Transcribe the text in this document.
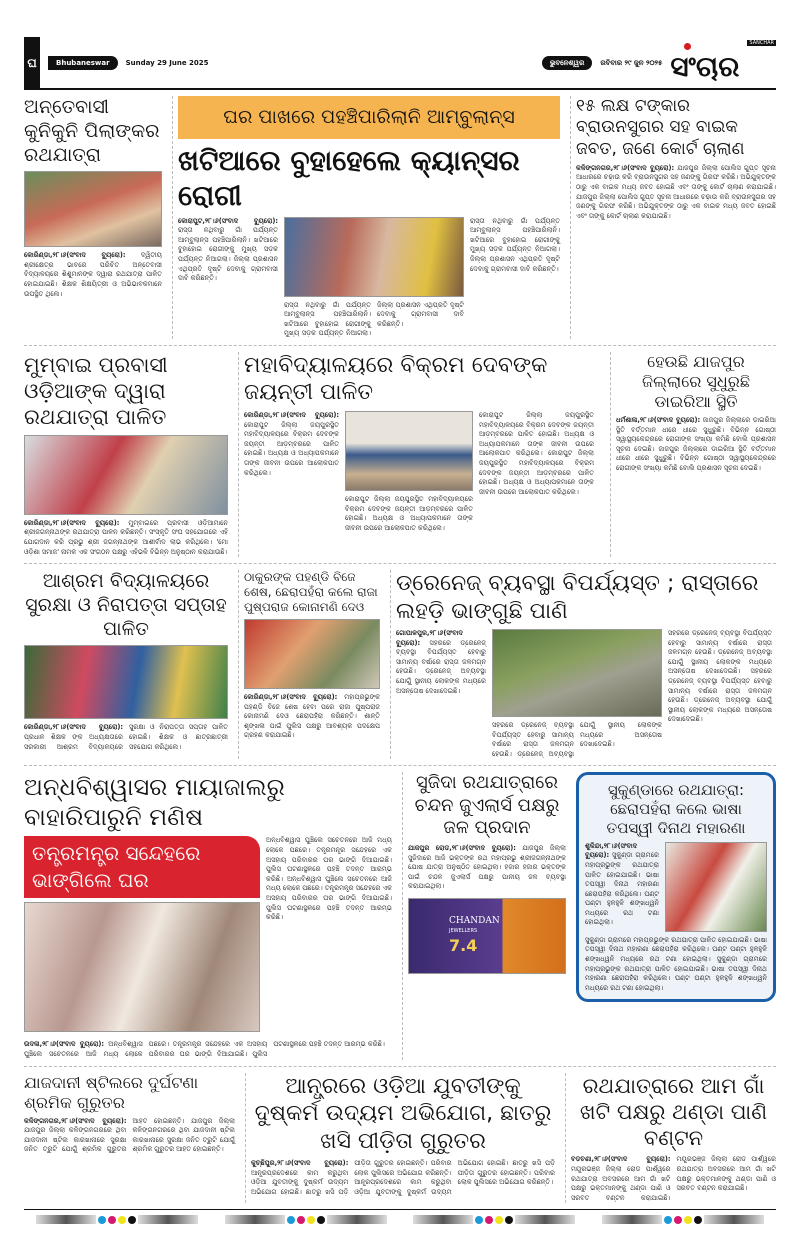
ଘ	Bhubaneswar	Sunday 29 June 2025	ଭୁବନେଶ୍ୱର	ରବିବାର ୨୯ ଜୁନ ୨୦୨୫ ସଂଚାର
SANCHAR
ଅନ୍ତେବାସୀ କୁନିକୁନି ପିଲାଙ୍କର ରଥଯାତ୍ରା
କୋରିଣ୍ଡା,୨୮।୬(ସଂବାଦ ବ୍ୟୁରୋ): ଦ୍ୱିତୀୟ ଶ୍ରୀକ୍ଷେତ୍ର ଭାବରେ ପରିଚିତ ଅନ୍ତେବାସୀ ବିଦ୍ୟାଳୟରେ ଶିଶୁମାନଙ୍କ ଦ୍ୱାରା ରଥଯାତ୍ରା ପାଳିତ ହୋଇଯାଇଛି। ଶିକ୍ଷକ ଶିକ୍ଷୟିତ୍ରୀ ଓ ଅଭିଭାବକମାନେ ଉପସ୍ଥିତ ଥିଲେ।
ଘର ପାଖରେ ପହଞ୍ଚିପାରିଲାନି ଆମ୍ବୁଲାନ୍ସ
ଖଟିଆରେ ବୁହାହେଲେ କ୍ୟାନ୍ସର ରୋଗୀ
କୋରାପୁଟ,୨୮।୬(ସଂବାଦ ବ୍ୟୁରୋ): ରାସ୍ତା ନଥିବାରୁ ଗାଁ ପର୍ଯ୍ୟନ୍ତ ଆମ୍ବୁଲାନ୍ସ ପହଞ୍ଚିପାରିଲାନି। ଖଟିଆରେ ବୁହାହୋଇ ରୋଗୀଙ୍କୁ ମୁଖ୍ୟ ସଡ଼କ ପର୍ଯ୍ୟନ୍ତ ନିଆଗଲା। ଜିଲ୍ଲା ପ୍ରଶାସନ ଏଥିପ୍ରତି ଦୃଷ୍ଟି ଦେବାକୁ ଗ୍ରାମବାସୀ ଦାବି କରିଛନ୍ତି।
ରାସ୍ତା ନଥିବାରୁ ଗାଁ ପର୍ଯ୍ୟନ୍ତ ଆମ୍ବୁଲାନ୍ସ ପହଞ୍ଚିପାରିଲାନି। ଖଟିଆରେ ବୁହାହୋଇ ରୋଗୀଙ୍କୁ ମୁଖ୍ୟ ସଡ଼କ ପର୍ଯ୍ୟନ୍ତ ନିଆଗଲା। ଜିଲ୍ଲା ପ୍ରଶାସନ ଏଥିପ୍ରତି ଦୃଷ୍ଟି ଦେବାକୁ ଗ୍ରାମବାସୀ ଦାବି କରିଛନ୍ତି।
ରାସ୍ତା ନଥିବାରୁ ଗାଁ ପର୍ଯ୍ୟନ୍ତ ଆମ୍ବୁଲାନ୍ସ ପହଞ୍ଚିପାରିଲାନି। ଖଟିଆରେ ବୁହାହୋଇ ରୋଗୀଙ୍କୁ ମୁଖ୍ୟ ସଡ଼କ ପର୍ଯ୍ୟନ୍ତ ନିଆଗଲା। ଜିଲ୍ଲା ପ୍ରଶାସନ ଏଥିପ୍ରତି ଦୃଷ୍ଟି ଦେବାକୁ ଗ୍ରାମବାସୀ ଦାବି କରିଛନ୍ତି।
୧୫ ଲକ୍ଷ ଟଙ୍କାର ବ୍ରାଉନସୁଗର ସହ ବାଇକ ଜବତ, ଜଣେ କୋର୍ଟ ଚାଲାଣ
କଳିଙ୍ଗନଗର,୨୮।୬(ସଂବାଦ ବ୍ୟୁରୋ): ଯାଜପୁର ଜିଲ୍ଲା ପୋଲିସ ଗୁପ୍ତ ସୂଚନା ଆଧାରରେ ଚଢ଼ାଉ କରି ବ୍ରାଉନସୁଗର ସହ ଜଣଙ୍କୁ ଗିରଫ କରିଛି। ଅଭିଯୁକ୍ତଙ୍କ ଠାରୁ ଏକ ବାଇକ ମଧ୍ୟ ଜବତ ହୋଇଛି ଏବଂ ତାଙ୍କୁ କୋର୍ଟ ଚାଲାଣ କରାଯାଇଛି। ଯାଜପୁର ଜିଲ୍ଲା ପୋଲିସ ଗୁପ୍ତ ସୂଚନା ଆଧାରରେ ଚଢ଼ାଉ କରି ବ୍ରାଉନସୁଗର ସହ ଜଣଙ୍କୁ ଗିରଫ କରିଛି। ଅଭିଯୁକ୍ତଙ୍କ ଠାରୁ ଏକ ବାଇକ ମଧ୍ୟ ଜବତ ହୋଇଛି ଏବଂ ତାଙ୍କୁ କୋର୍ଟ ଚାଲାଣ କରାଯାଇଛି।
ମୁମ୍ବାଇ ପ୍ରବାସୀ ଓଡ଼ିଆଙ୍କ ଦ୍ୱାରା ରଥଯାତ୍ରା ପାଳିତ
କୋରିଣ୍ଡା,୨୮।୬(ସଂବାଦ ବ୍ୟୁରୋ): ମୁମ୍ବାଇରେ ପ୍ରବାସୀ ଓଡ଼ିଆମାନେ ଶ୍ରୀଜଗନ୍ନାଥଙ୍କ ରଥଯାତ୍ରା ପାଳନ କରିଛନ୍ତି। ସଂସ୍କୃତି ସଂଘ ସହଯୋଗରେ ଏହି ଯୋଗଦାନ କରି ପ୍ରଭୁ ଶ୍ରୀ ଜଗନ୍ନାଥଙ୍କ ଆଶୀର୍ବାଦ ଲାଭ କରିଥିଲେ। 'ମୋ ଓଡ଼ିଶା ସମାଜ' ନାମକ ଏକ ସଂଗଠନ ପକ୍ଷରୁ ଏହିଭଳି ବିଭିନ୍ନ ଅନୁଷ୍ଠାନ କରାଯାଉଛି।
ମହାବିଦ୍ୟାଳୟରେ ବିକ୍ରମ ଦେବଙ୍କ ଜୟନ୍ତୀ ପାଳିତ
କୋରିଣ୍ଡା,୨୮।୬(ସଂବାଦ ବ୍ୟୁରୋ): କୋରାପୁଟ ଜିଲ୍ଲା ଜୟପୁରସ୍ଥିତ ମହାବିଦ୍ୟାଳୟରେ ବିକ୍ରମ ଦେବଙ୍କ ଜୟନ୍ତୀ ଆଡ଼ମ୍ବରରେ ପାଳିତ ହୋଇଛି। ଅଧ୍ୟକ୍ଷ ଓ ଅଧ୍ୟାପକମାନେ ତାଙ୍କ ଜୀବନୀ ଉପରେ ଆଲୋକପାତ କରିଥିଲେ।
କୋରାପୁଟ ଜିଲ୍ଲା ଜୟପୁରସ୍ଥିତ ମହାବିଦ୍ୟାଳୟରେ ବିକ୍ରମ ଦେବଙ୍କ ଜୟନ୍ତୀ ଆଡ଼ମ୍ବରରେ ପାଳିତ ହୋଇଛି। ଅଧ୍ୟକ୍ଷ ଓ ଅଧ୍ୟାପକମାନେ ତାଙ୍କ ଜୀବନୀ ଉପରେ ଆଲୋକପାତ କରିଥିଲେ।
କୋରାପୁଟ ଜିଲ୍ଲା ଜୟପୁରସ୍ଥିତ ମହାବିଦ୍ୟାଳୟରେ ବିକ୍ରମ ଦେବଙ୍କ ଜୟନ୍ତୀ ଆଡ଼ମ୍ବରରେ ପାଳିତ ହୋଇଛି। ଅଧ୍ୟକ୍ଷ ଓ ଅଧ୍ୟାପକମାନେ ତାଙ୍କ ଜୀବନୀ ଉପରେ ଆଲୋକପାତ କରିଥିଲେ। କୋରାପୁଟ ଜିଲ୍ଲା ଜୟପୁରସ୍ଥିତ ମହାବିଦ୍ୟାଳୟରେ ବିକ୍ରମ ଦେବଙ୍କ ଜୟନ୍ତୀ ଆଡ଼ମ୍ବରରେ ପାଳିତ ହୋଇଛି। ଅଧ୍ୟକ୍ଷ ଓ ଅଧ୍ୟାପକମାନେ ତାଙ୍କ ଜୀବନୀ ଉପରେ ଆଲୋକପାତ କରିଥିଲେ।
ହେଉଛି ଯାଜପୁର ଜିଲ୍ଲାରେ ସୁଧୁରୁଛି ଡାଇରିଆ ସ୍ଥିତି
ଧର୍ମଶାଳା,୨୮।୬(ସଂବାଦ ବ୍ୟୁରୋ): ଜାଜପୁର ଜିଲ୍ଲାରେ ଡାଇରିଆ ସ୍ଥିତି ବର୍ତ୍ତମାନ ଧୀରେ ଧୀରେ ସୁଧୁରୁଛି। ବିଭିନ୍ନ ଗୋଷ୍ଠୀ ସ୍ୱାସ୍ଥ୍ୟକେନ୍ଦ୍ରରେ ରୋଗୀଙ୍କ ସଂଖ୍ୟା କମିଛି ବୋଲି ପ୍ରଶାସନ ସୂଚନା ଦେଇଛି। ଜାଜପୁର ଜିଲ୍ଲାରେ ଡାଇରିଆ ସ୍ଥିତି ବର୍ତ୍ତମାନ ଧୀରେ ଧୀରେ ସୁଧୁରୁଛି। ବିଭିନ୍ନ ଗୋଷ୍ଠୀ ସ୍ୱାସ୍ଥ୍ୟକେନ୍ଦ୍ରରେ ରୋଗୀଙ୍କ ସଂଖ୍ୟା କମିଛି ବୋଲି ପ୍ରଶାସନ ସୂଚନା ଦେଇଛି।
ଆଶ୍ରମ ବିଦ୍ୟାଳୟରେ ସୁରକ୍ଷା ଓ ନିରାପତ୍ତା ସପ୍ତାହ ପାଳିତ
କୋରିଣ୍ଡା,୨୮।୬(ସଂବାଦ ବ୍ୟୁରୋ): ପ୍ରଧାନ ଶିକ୍ଷକ ଙ୍କ ଅଧ୍ୟକ୍ଷତାରେ ସରକାରୀ ଆଶ୍ରମ ବିଦ୍ୟାଳୟରେ ସୁରକ୍ଷା ଓ ନିରାପତ୍ତା ସପ୍ତାହ ପାଳିତ ହୋଇଛି। ଶିକ୍ଷକ ଓ ଛାତ୍ରଛାତ୍ରୀ ସହଯୋଗ କରିଥିଲେ।
ଠାକୁରଙ୍କ ପହଣ୍ଡି ବିଜେ ଶେଷ, ଛେରାପହଁରା କଲେ ରାଜା ପୁଷ୍ପରାଜ କୋନାମଣି ଦେଓ
କୋରିଣ୍ଡା,୨୮।୬(ସଂବାଦ ବ୍ୟୁରୋ): ମହାପ୍ରଭୁଙ୍କ ପହଣ୍ଡି ବିଜେ ଶେଷ ହେବା ପରେ ରାଜା ପୁଷ୍ପରାଜ କୋନାମଣି ଦେଓ ଛେରାପହଁରା କରିଛନ୍ତି। ଶାନ୍ତି ଶୃଙ୍ଖଳା ପାଇଁ ପୁଲିସ ପକ୍ଷରୁ ଆବଶ୍ୟକ ପଦକ୍ଷେପ ଗ୍ରହଣ କରାଯାଇଛି।
ଡ୍ରେନେଜ୍ ବ୍ୟବସ୍ଥା ବିପର୍ଯ୍ୟସ୍ତ ; ରାସ୍ତାରେ ଲହଡ଼ି ଭାଙ୍ଗୁଛି ପାଣି
ଗୋପାଳପୁର,୨୮।୬(ସଂବାଦ ବ୍ୟୁରୋ): ସହରରେ ଡ୍ରେନେଜ୍ ବ୍ୟବସ୍ଥା ବିପର୍ଯ୍ୟସ୍ତ ହେବାରୁ ସାମାନ୍ୟ ବର୍ଷାରେ ରାସ୍ତା ଜଳମଗ୍ନ ହେଉଛି। ଡ୍ରେନେଜ୍ ଅବ୍ୟବସ୍ଥା ଯୋଗୁଁ ସ୍ଥାନୀୟ ଲୋକଙ୍କ ମଧ୍ୟରେ ଅସନ୍ତୋଷ ଦେଖାଦେଇଛି।
ସହରରେ ଡ୍ରେନେଜ୍ ବ୍ୟବସ୍ଥା ବିପର୍ଯ୍ୟସ୍ତ ହେବାରୁ ସାମାନ୍ୟ ବର୍ଷାରେ ରାସ୍ତା ଜଳମଗ୍ନ ହେଉଛି। ଡ୍ରେନେଜ୍ ଅବ୍ୟବସ୍ଥା ଯୋଗୁଁ ସ୍ଥାନୀୟ ଲୋକଙ୍କ ମଧ୍ୟରେ ଅସନ୍ତୋଷ ଦେଖାଦେଇଛି।
ସହରରେ ଡ୍ରେନେଜ୍ ବ୍ୟବସ୍ଥା ବିପର୍ଯ୍ୟସ୍ତ ହେବାରୁ ସାମାନ୍ୟ ବର୍ଷାରେ ରାସ୍ତା ଜଳମଗ୍ନ ହେଉଛି। ଡ୍ରେନେଜ୍ ଅବ୍ୟବସ୍ଥା ଯୋଗୁଁ ସ୍ଥାନୀୟ ଲୋକଙ୍କ ମଧ୍ୟରେ ଅସନ୍ତୋଷ ଦେଖାଦେଇଛି। ସହରରେ ଡ୍ରେନେଜ୍ ବ୍ୟବସ୍ଥା ବିପର୍ଯ୍ୟସ୍ତ ହେବାରୁ ସାମାନ୍ୟ ବର୍ଷାରେ ରାସ୍ତା ଜଳମଗ୍ନ ହେଉଛି। ଡ୍ରେନେଜ୍ ଅବ୍ୟବସ୍ଥା ଯୋଗୁଁ ସ୍ଥାନୀୟ ଲୋକଙ୍କ ମଧ୍ୟରେ ଅସନ୍ତୋଷ ଦେଖାଦେଇଛି।
ଅନ୍ଧବିଶ୍ୱାସର ମାୟାଜାଲରୁ ବାହାରିପାରୁନି ମଣିଷ
ତନ୍ତ୍ରମନ୍ତ୍ର ସନ୍ଦେହରେ ଭାଙ୍ଗିଲେ ଘର
ଅନ୍ଧବିଶ୍ୱାସ ଘୁଞ୍ଚିଲେ ସଚେତନରେ ଆଜି ମଧ୍ୟ ଲୋକେ ପଛରେ। ତନ୍ତ୍ରମନ୍ତ୍ର ସନ୍ଦେହରେ ଏକ ଅସହାୟ ପରିବାରର ଘର ଭାଙ୍ଗି ଦିଆଯାଇଛି। ପୁଲିସ ଘଟଣାସ୍ଥଳରେ ପହଞ୍ଚି ତଦନ୍ତ ଆରମ୍ଭ କରିଛି। ଅନ୍ଧବିଶ୍ୱାସ ଘୁଞ୍ଚିଲେ ସଚେତନରେ ଆଜି ମଧ୍ୟ ଲୋକେ ପଛରେ। ତନ୍ତ୍ରମନ୍ତ୍ର ସନ୍ଦେହରେ ଏକ ଅସହାୟ ପରିବାରର ଘର ଭାଙ୍ଗି ଦିଆଯାଇଛି। ପୁଲିସ ଘଟଣାସ୍ଥଳରେ ପହଞ୍ଚି ତଦନ୍ତ ଆରମ୍ଭ କରିଛି।
ଉଦଳା,୨୮।୬(ସଂବାଦ ବ୍ୟୁରୋ): ଅନ୍ଧବିଶ୍ୱାସ ଘୁଞ୍ଚିଲେ ସଚେତନରେ ଆଜି ମଧ୍ୟ ଲୋକେ ପଛରେ। ତନ୍ତ୍ରମନ୍ତ୍ର ସନ୍ଦେହରେ ଏକ ଅସହାୟ ପରିବାରର ଘର ଭାଙ୍ଗି ଦିଆଯାଇଛି। ପୁଲିସ ଘଟଣାସ୍ଥଳରେ ପହଞ୍ଚି ତଦନ୍ତ ଆରମ୍ଭ କରିଛି।
ସୁଜିଦା ରଥଯାତ୍ରାରେ ଚନ୍ଦନ ଜୁଏଲାର୍ସ ପକ୍ଷରୁ ଜଳ ପ୍ରଦାନ
ଯାଜପୁର ରୋଡ,୨୮।୬(ସଂବାଦ ବ୍ୟୁରୋ): ଯାଜପୁର ଜିଲ୍ଲା ସୁଜିଦାରେ ଆଜି ଭକ୍ତଙ୍କ ରଥ ମହାପ୍ରଭୁ ଶ୍ରୀଜଗନ୍ନାଥଙ୍କ ଯୋଷ ଯାତ୍ରା ଅନୁଷ୍ଠିତ ହୋଇଥିଲା। ହଜାର ହଜାର ଭକ୍ତଙ୍କ ପାଇଁ ଚନ୍ଦନ ଜୁଏଲାର୍ସ ପକ୍ଷରୁ ପାନୀୟ ଜଳ ବ୍ୟବସ୍ଥା କରାଯାଇଥିଲା।
CHANDAN
JEWELLERS
7.4
ସୁକୁଣ୍ଡାରେ ରଥଯାତ୍ରା: ଛେରାପହଁରା କଲେ ଭାଷା ତପସ୍ୱୀ ଦିନାଥ ମହାରଣା
ଶୁକିନ୍ଦା,୨୮।୬(ସଂବାଦ ବ୍ୟୁରୋ): ସୁକୁଣ୍ଡା ଗ୍ରାମରେ ମହାପ୍ରଭୁଙ୍କ ରଥଯାତ୍ରା ପାଳିତ ହୋଇଯାଇଛି। ଭାଷା ତପସ୍ୱୀ ଦିନାଥ ମହାରଣା ଛେରାପହଁରା କରିଥିଲେ। ଘଣ୍ଟ ଘଣ୍ଟା ହୁଳହୁଳି ଶଙ୍ଖଧ୍ୱନି ମଧ୍ୟରେ ରଥ ଟଣା ହୋଇଥିଲା।
ସୁକୁଣ୍ଡା ଗ୍ରାମରେ ମହାପ୍ରଭୁଙ୍କ ରଥଯାତ୍ରା ପାଳିତ ହୋଇଯାଇଛି। ଭାଷା ତପସ୍ୱୀ ଦିନାଥ ମହାରଣା ଛେରାପହଁରା କରିଥିଲେ। ଘଣ୍ଟ ଘଣ୍ଟା ହୁଳହୁଳି ଶଙ୍ଖଧ୍ୱନି ମଧ୍ୟରେ ରଥ ଟଣା ହୋଇଥିଲା। ସୁକୁଣ୍ଡା ଗ୍ରାମରେ ମହାପ୍ରଭୁଙ୍କ ରଥଯାତ୍ରା ପାଳିତ ହୋଇଯାଇଛି। ଭାଷା ତପସ୍ୱୀ ଦିନାଥ ମହାରଣା ଛେରାପହଁରା କରିଥିଲେ। ଘଣ୍ଟ ଘଣ୍ଟା ହୁଳହୁଳି ଶଙ୍ଖଧ୍ୱନି ମଧ୍ୟରେ ରଥ ଟଣା ହୋଇଥିଲା।
ଯାଜଦାନୀ ଷ୍ଟିଲରେ ଦୁର୍ଘଟଣା ଶ୍ରମିକ ଗୁରୁତର
କଳିଙ୍ଗନଗର,୨୮।୬(ସଂବାଦ ବ୍ୟୁରୋ): ଯାଜପୁର ଜିଲ୍ଲା କଳିଙ୍ଗନଗରରେ ଥିବା ଯାଜଦାନୀ ଷ୍ଟିଲ କାରଖାନାରେ ସୁରକ୍ଷା ଜନିତ ତ୍ରୁଟି ଯୋଗୁଁ ଶ୍ରମିକ ଗୁରୁତର ଆହତ ହୋଇଛନ୍ତି। ଯାଜପୁର ଜିଲ୍ଲା କଳିଙ୍ଗନଗରରେ ଥିବା ଯାଜଦାନୀ ଷ୍ଟିଲ କାରଖାନାରେ ସୁରକ୍ଷା ଜନିତ ତ୍ରୁଟି ଯୋଗୁଁ ଶ୍ରମିକ ଗୁରୁତର ଆହତ ହୋଇଛନ୍ତି।
ଆନ୍ଧ୍ରରେ ଓଡ଼ିଆ ଯୁବତୀଙ୍କୁ ଦୁଷ୍କର୍ମ ଉଦ୍ୟମ ଅଭିଯୋଗ, ଛାତରୁ ଖସି ପୀଡ଼ିତା ଗୁରୁତର
କୁଚ୍ଛିପୁର,୨୮।୬(ସଂବାଦ ବ୍ୟୁରୋ): ଆନ୍ଧ୍ରପ୍ରଦେଶରେ କାମ କରୁଥିବା ଓଡ଼ିଆ ଯୁବତୀଙ୍କୁ ଦୁଷ୍କର୍ମ ଉଦ୍ୟମ ଅଭିଯୋଗ ହୋଇଛି। ଛାତରୁ ଖସି ପଡ଼ି ପୀଡ଼ିତା ଗୁରୁତର ହୋଇଛନ୍ତି। ପରିବାର ଲୋକ ପୁଲିସରେ ଅଭିଯୋଗ କରିଛନ୍ତି। ଆନ୍ଧ୍ରପ୍ରଦେଶରେ କାମ କରୁଥିବା ଓଡ଼ିଆ ଯୁବତୀଙ୍କୁ ଦୁଷ୍କର୍ମ ଉଦ୍ୟମ ଅଭିଯୋଗ ହୋଇଛି। ଛାତରୁ ଖସି ପଡ଼ି ପୀଡ଼ିତା ଗୁରୁତର ହୋଇଛନ୍ତି। ପରିବାର ଲୋକ ପୁଲିସରେ ଅଭିଯୋଗ କରିଛନ୍ତି।
ରଥଯାତ୍ରାରେ ଆମ ଗାଁ ଖଟି ପକ୍ଷରୁ ଥଣ୍ଡା ପାଣି ବଣ୍ଟନ
ବଡଚଣା,୨୮।୬(ସଂବାଦ ବ୍ୟୁରୋ): ମୟୂରଭଞ୍ଜ ଜିଲ୍ଲା ରୋଡ ପାର୍ଶ୍ୱରେ ରଥଯାତ୍ରା ଅବସରରେ ଆମ ଗାଁ ଖଟି ପକ୍ଷରୁ ଭକ୍ତମାନଙ୍କୁ ଥଣ୍ଡା ପାଣି ଓ ସରବତ ବଣ୍ଟନ କରାଯାଇଛି। ମୟୂରଭଞ୍ଜ ଜିଲ୍ଲା ରୋଡ ପାର୍ଶ୍ୱରେ ରଥଯାତ୍ରା ଅବସରରେ ଆମ ଗାଁ ଖଟି ପକ୍ଷରୁ ଭକ୍ତମାନଙ୍କୁ ଥଣ୍ଡା ପାଣି ଓ ସରବତ ବଣ୍ଟନ କରାଯାଇଛି।
